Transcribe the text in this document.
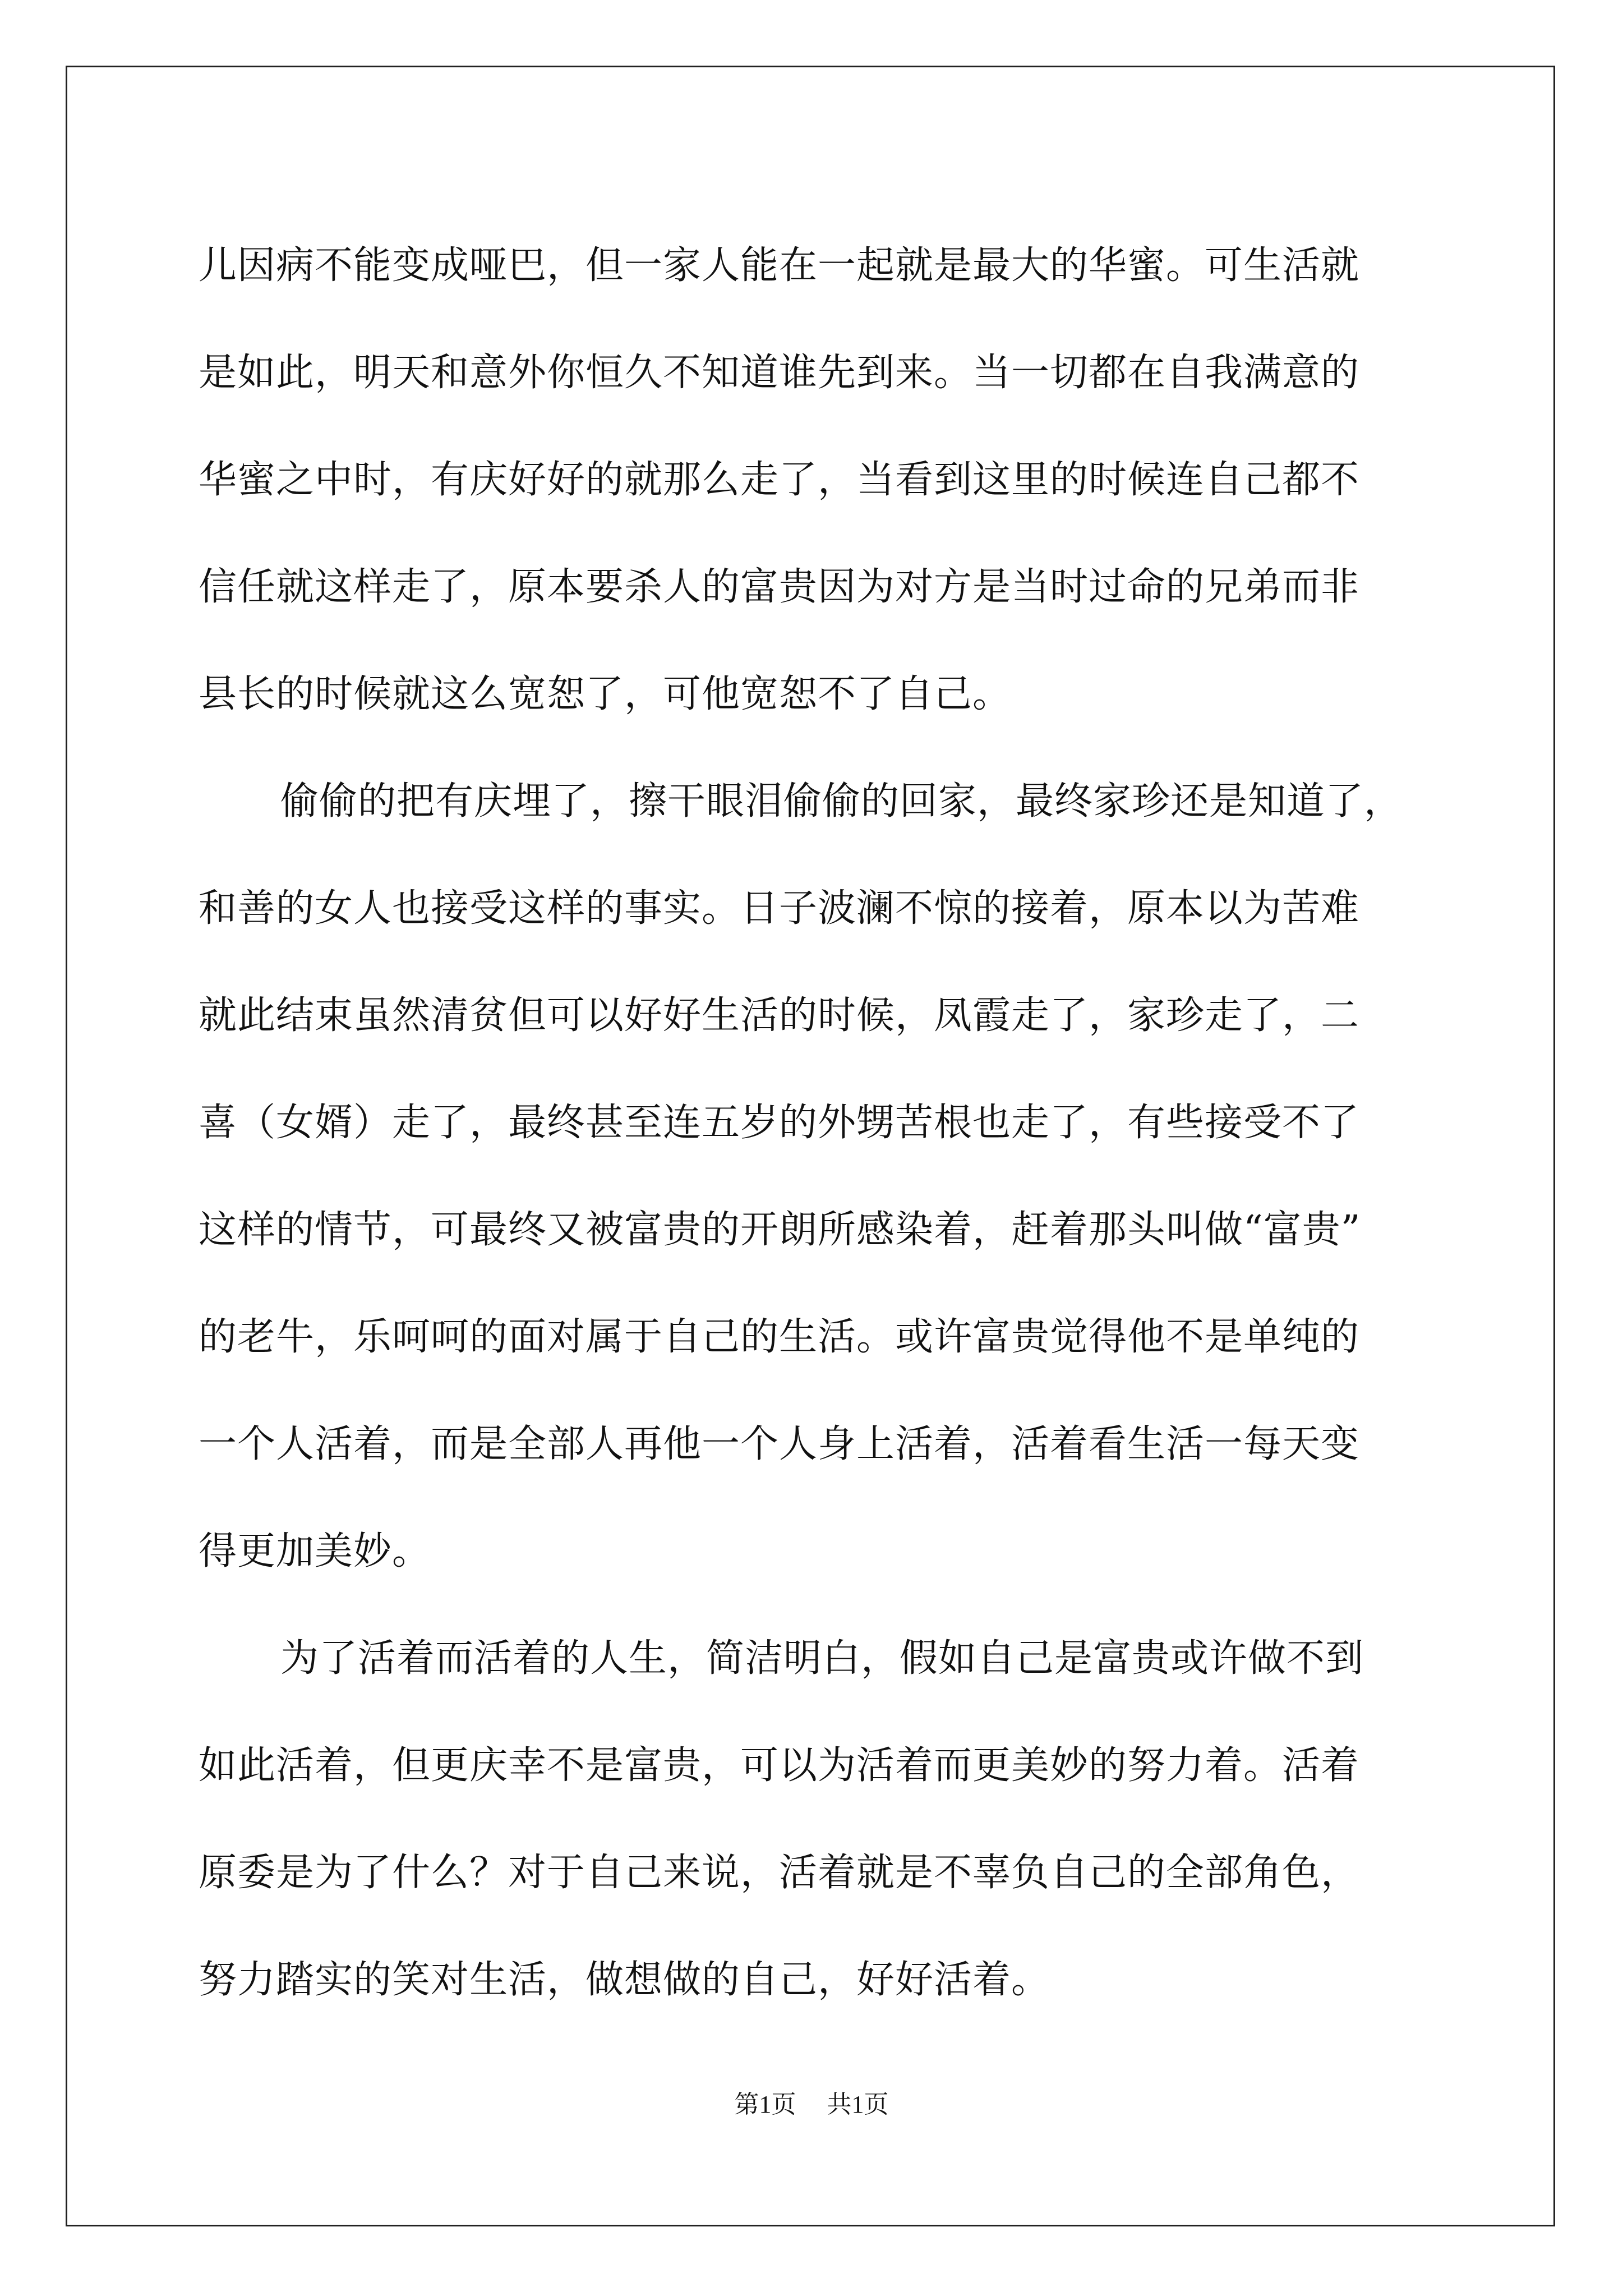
儿因病不能变成哑巴，但一家人能在一起就是最大的华蜜。可生活就
是如此，明天和意外你恒久不知道谁先到来。当一切都在自我满意的
华蜜之中时，有庆好好的就那么走了，当看到这里的时候连自己都不
信任就这样走了，原本要杀人的富贵因为对方是当时过命的兄弟而非
县长的时候就这么宽恕了，可他宽恕不了自己。
偷偷的把有庆埋了，擦干眼泪偷偷的回家，最终家珍还是知道了，
和善的女人也接受这样的事实。日子波澜不惊的接着，原本以为苦难
就此结束虽然清贫但可以好好生活的时候，凤霞走了，家珍走了，二
喜（女婿）走了，最终甚至连五岁的外甥苦根也走了，有些接受不了
这样的情节，可最终又被富贵的开朗所感染着，赶着那头叫做“富贵”
的老牛，乐呵呵的面对属于自己的生活。或许富贵觉得他不是单纯的
一个人活着，而是全部人再他一个人身上活着，活着看生活一每天变
得更加美妙。
为了活着而活着的人生，简洁明白，假如自己是富贵或许做不到
如此活着，但更庆幸不是富贵，可以为活着而更美妙的努力着。活着
原委是为了什么？对于自己来说，活着就是不辜负自己的全部角色，
努力踏实的笑对生活，做想做的自己，好好活着。
第1页 共1页
